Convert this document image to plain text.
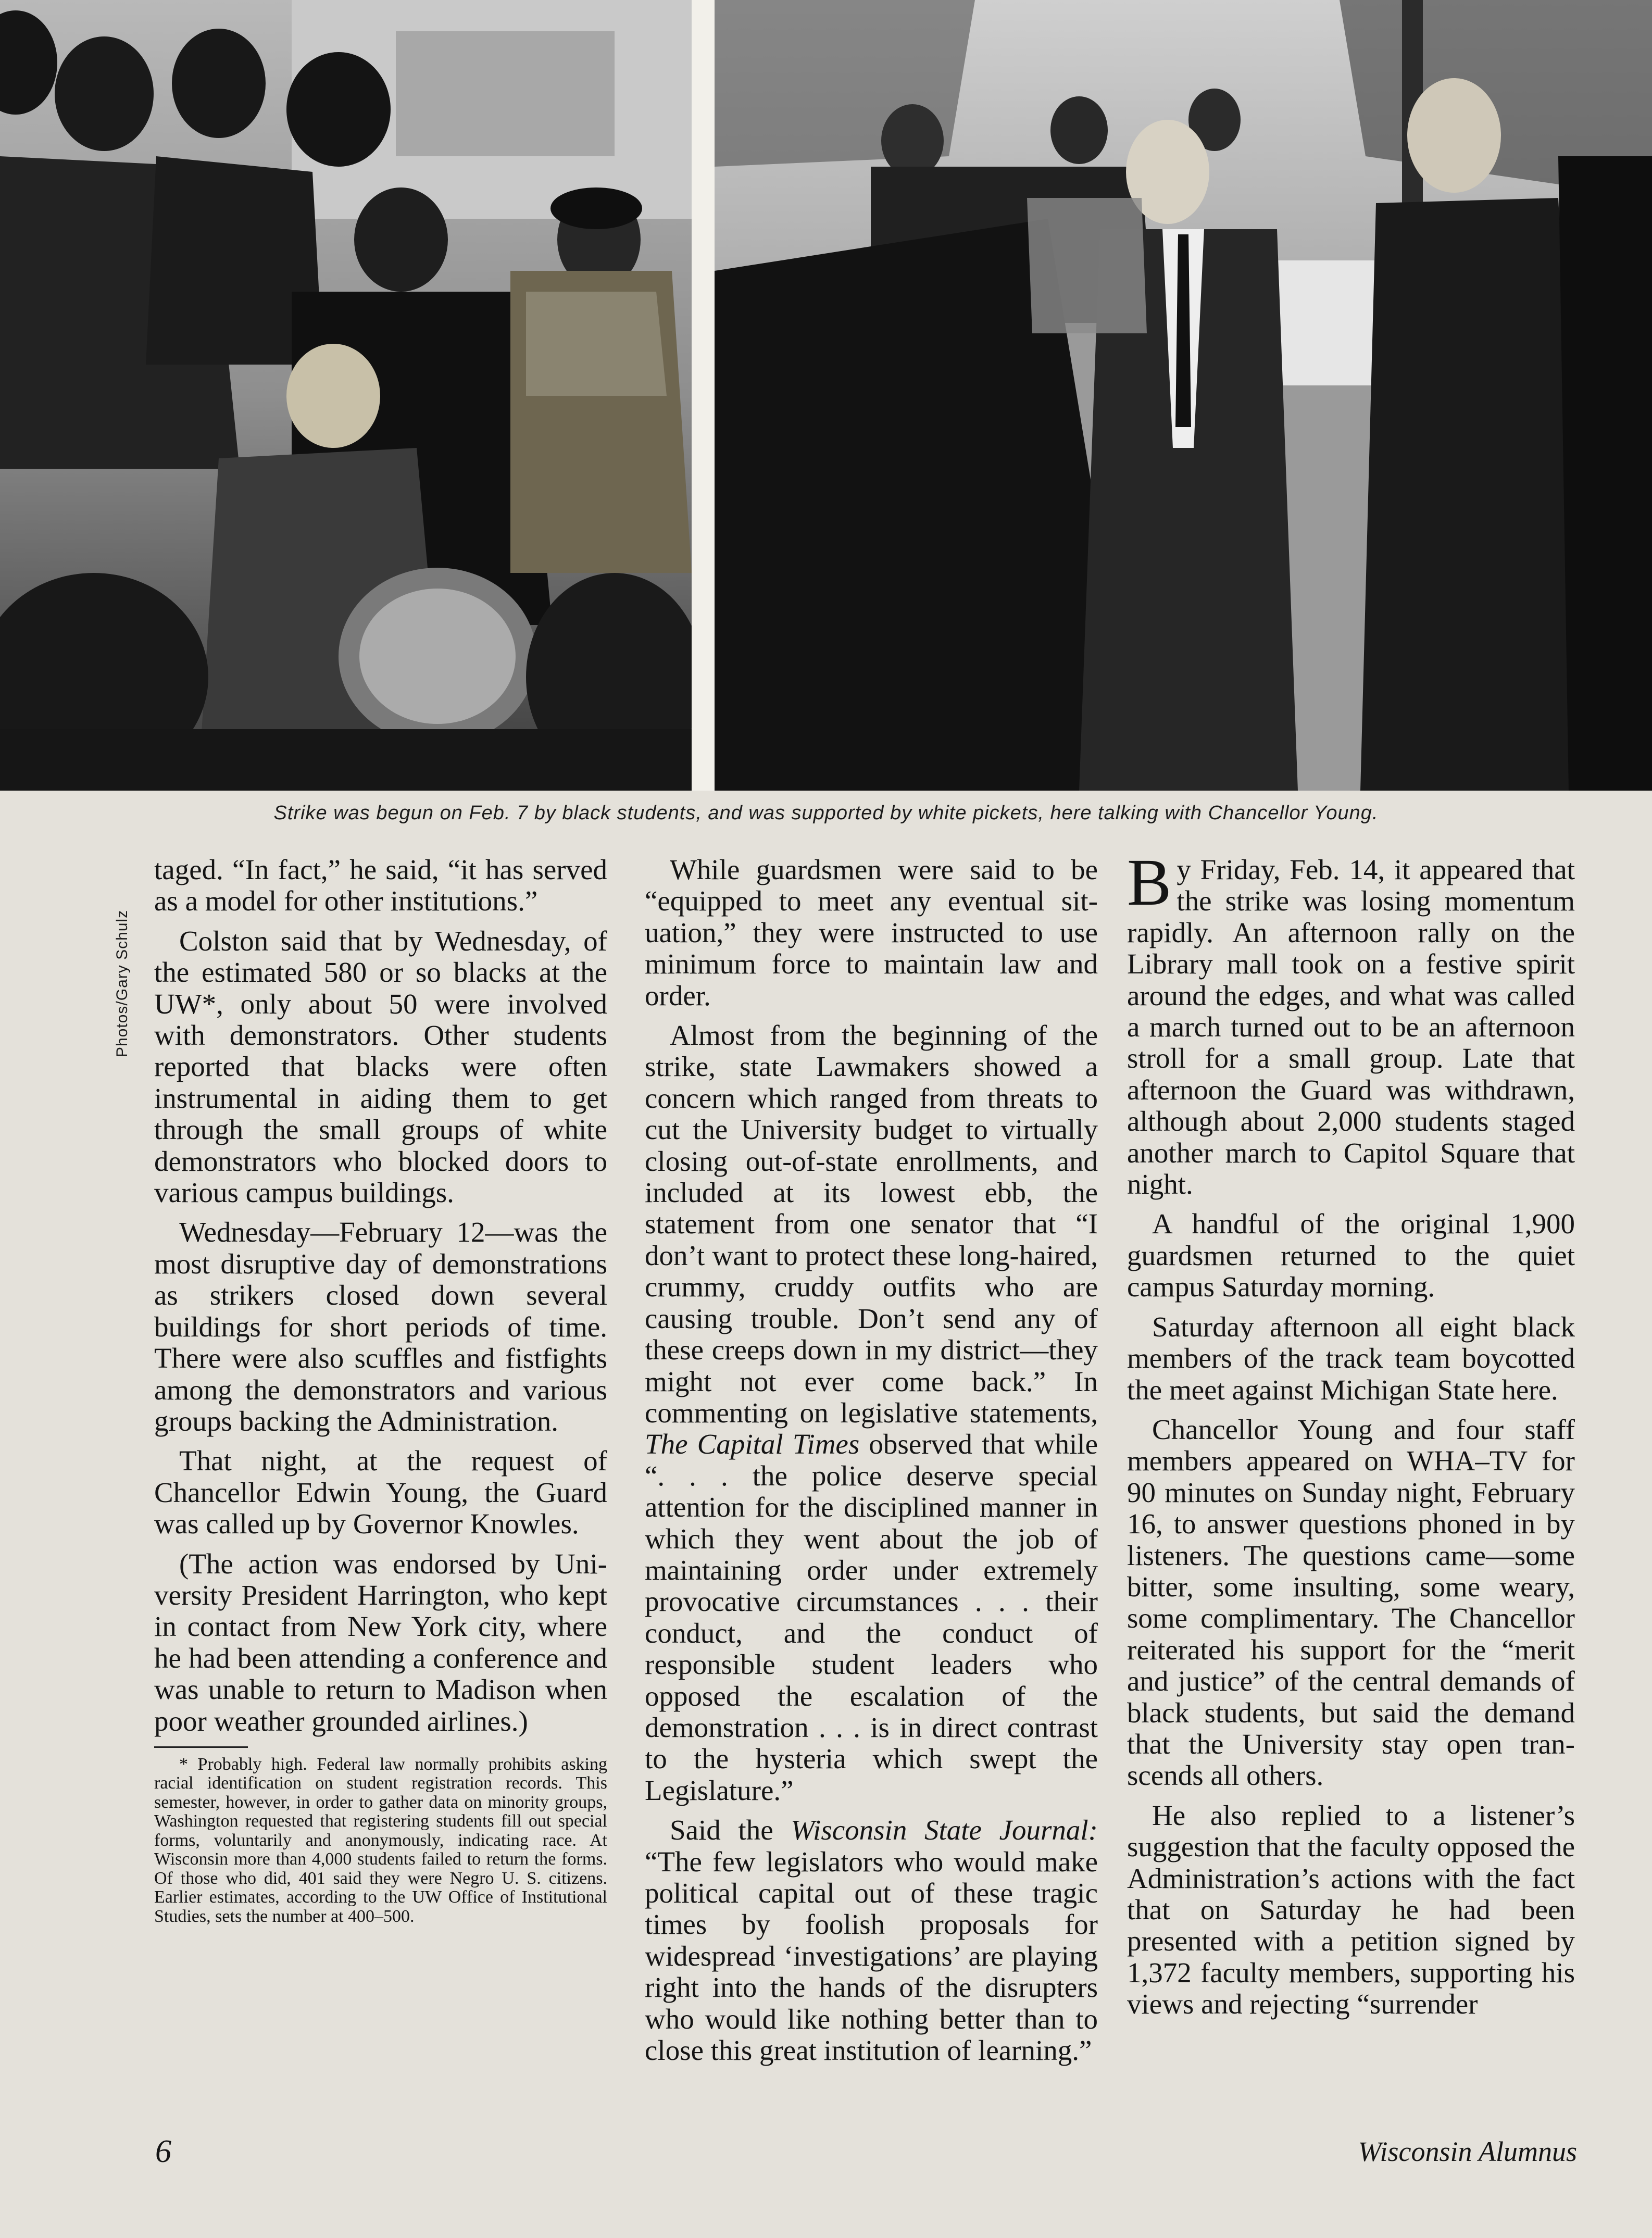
Strike was begun on Feb. 7 by black students, and was supported by white pickets, here talking with Chancellor Young.
Photos/Gary Schulz

taged. “In fact,” he said, “it has served as a model for other institutions.”

Colston said that by Wednesday, of the estimated 580 or so blacks at the UW*, only about 50 were involved with demonstrators. Other students reported that blacks were often instrumental in aiding them to get through the small groups of white demonstrators who blocked doors to various campus buildings.

Wednesday—February 12—was the most disruptive day of demonstrations as strikers closed down several buildings for short periods of time. There were also scuffles and fistfights among the demonstrators and various groups backing the Administration.

That night, at the request of Chancellor Edwin Young, the Guard was called up by Governor Knowles.

(The action was endorsed by University President Harrington, who kept in contact from New York city, where he had been attending a conference and was unable to return to Madison when poor weather grounded airlines.)

* Probably high. Federal law normally prohibits asking racial identification on student registration records. This semester, however, in order to gather data on minority groups, Washington requested that registering students fill out special forms, voluntarily and anonymously, indicating race. At Wisconsin more than 4,000 students failed to return the forms. Of those who did, 401 said they were Negro U. S. citizens. Earlier estimates, according to the UW Office of Institutional Studies, sets the number at 400–500.

While guardsmen were said to be “equipped to meet any eventual situation,” they were instructed to use minimum force to maintain law and order.

Almost from the beginning of the strike, state Lawmakers showed a concern which ranged from threats to cut the University budget to virtually closing out-of-state enrollments, and included at its lowest ebb, the statement from one senator that “I don’t want to protect these long-haired, crummy, cruddy outfits who are causing trouble. Don’t send any of these creeps down in my district—they might not ever come back.” In commenting on legislative statements, The Capital Times observed that while “. . . the police deserve special attention for the disciplined manner in which they went about the job of maintaining order under extremely provocative circumstances . . . their conduct, and the conduct of responsible student leaders who opposed the escalation of the demonstration . . . is in direct contrast to the hysteria which swept the Legislature.”

Said the Wisconsin State Journal: “The few legislators who would make political capital out of these tragic times by foolish proposals for widespread ‘investigations’ are playing right into the hands of the disrupters who would like nothing better than to close this great institution of learning.”

By Friday, Feb. 14, it appeared that the strike was losing momentum rapidly. An afternoon rally on the Library mall took on a festive spirit around the edges, and what was called a march turned out to be an afternoon stroll for a small group. Late that afternoon the Guard was withdrawn, although about 2,000 students staged another march to Capitol Square that night.

A handful of the original 1,900 guardsmen returned to the quiet campus Saturday morning.

Saturday afternoon all eight black members of the track team boycotted the meet against Michigan State here.

Chancellor Young and four staff members appeared on WHA–TV for 90 minutes on Sunday night, February 16, to answer questions phoned in by listeners. The questions came—some bitter, some insulting, some weary, some complimentary. The Chancellor reiterated his support for the “merit and justice” of the central demands of black students, but said the demand that the University stay open transcends all others.

He also replied to a listener’s suggestion that the faculty opposed the Administration’s actions with the fact that on Saturday he had been presented with a petition signed by 1,372 faculty members, supporting his views and rejecting “surrender

6	Wisconsin Alumnus
